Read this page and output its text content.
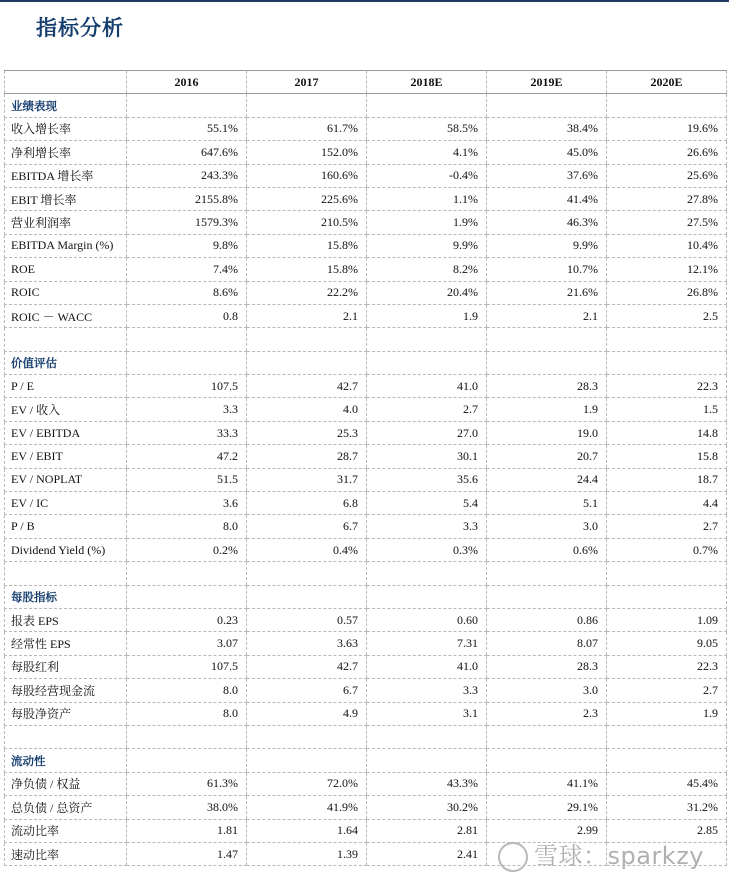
指标分析
	2016	2017	2018E	2019E	2020E
业绩表现					
收入增长率	55.1%	61.7%	58.5%	38.4%	19.6%
净利增长率	647.6%	152.0%	4.1%	45.0%	26.6%
EBITDA 增长率	243.3%	160.6%	-0.4%	37.6%	25.6%
EBIT 增长率	2155.8%	225.6%	1.1%	41.4%	27.8%
营业利润率	1579.3%	210.5%	1.9%	46.3%	27.5%
EBITDA Margin (%)	9.8%	15.8%	9.9%	9.9%	10.4%
ROE	7.4%	15.8%	8.2%	10.7%	12.1%
ROIC	8.6%	22.2%	20.4%	21.6%	26.8%
ROIC － WACC	0.8	2.1	1.9	2.1	2.5

价值评估					
P / E	107.5	42.7	41.0	28.3	22.3
EV / 收入	3.3	4.0	2.7	1.9	1.5
EV / EBITDA	33.3	25.3	27.0	19.0	14.8
EV / EBIT	47.2	28.7	30.1	20.7	15.8
EV / NOPLAT	51.5	31.7	35.6	24.4	18.7
EV / IC	3.6	6.8	5.4	5.1	4.4
P / B	8.0	6.7	3.3	3.0	2.7
Dividend Yield (%)	0.2%	0.4%	0.3%	0.6%	0.7%

每股指标					
报表 EPS	0.23	0.57	0.60	0.86	1.09
经常性 EPS	3.07	3.63	7.31	8.07	9.05
每股红利	107.5	42.7	41.0	28.3	22.3
每股经营现金流	8.0	6.7	3.3	3.0	2.7
每股净资产	8.0	4.9	3.1	2.3	1.9

流动性					
净负债 / 权益	61.3%	72.0%	43.3%	41.1%	45.4%
总负债 / 总资产	38.0%	41.9%	30.2%	29.1%	31.2%
流动比率	1.81	1.64	2.81	2.99	2.85
速动比率	1.47	1.39	2.41			雪球：sparkzy
